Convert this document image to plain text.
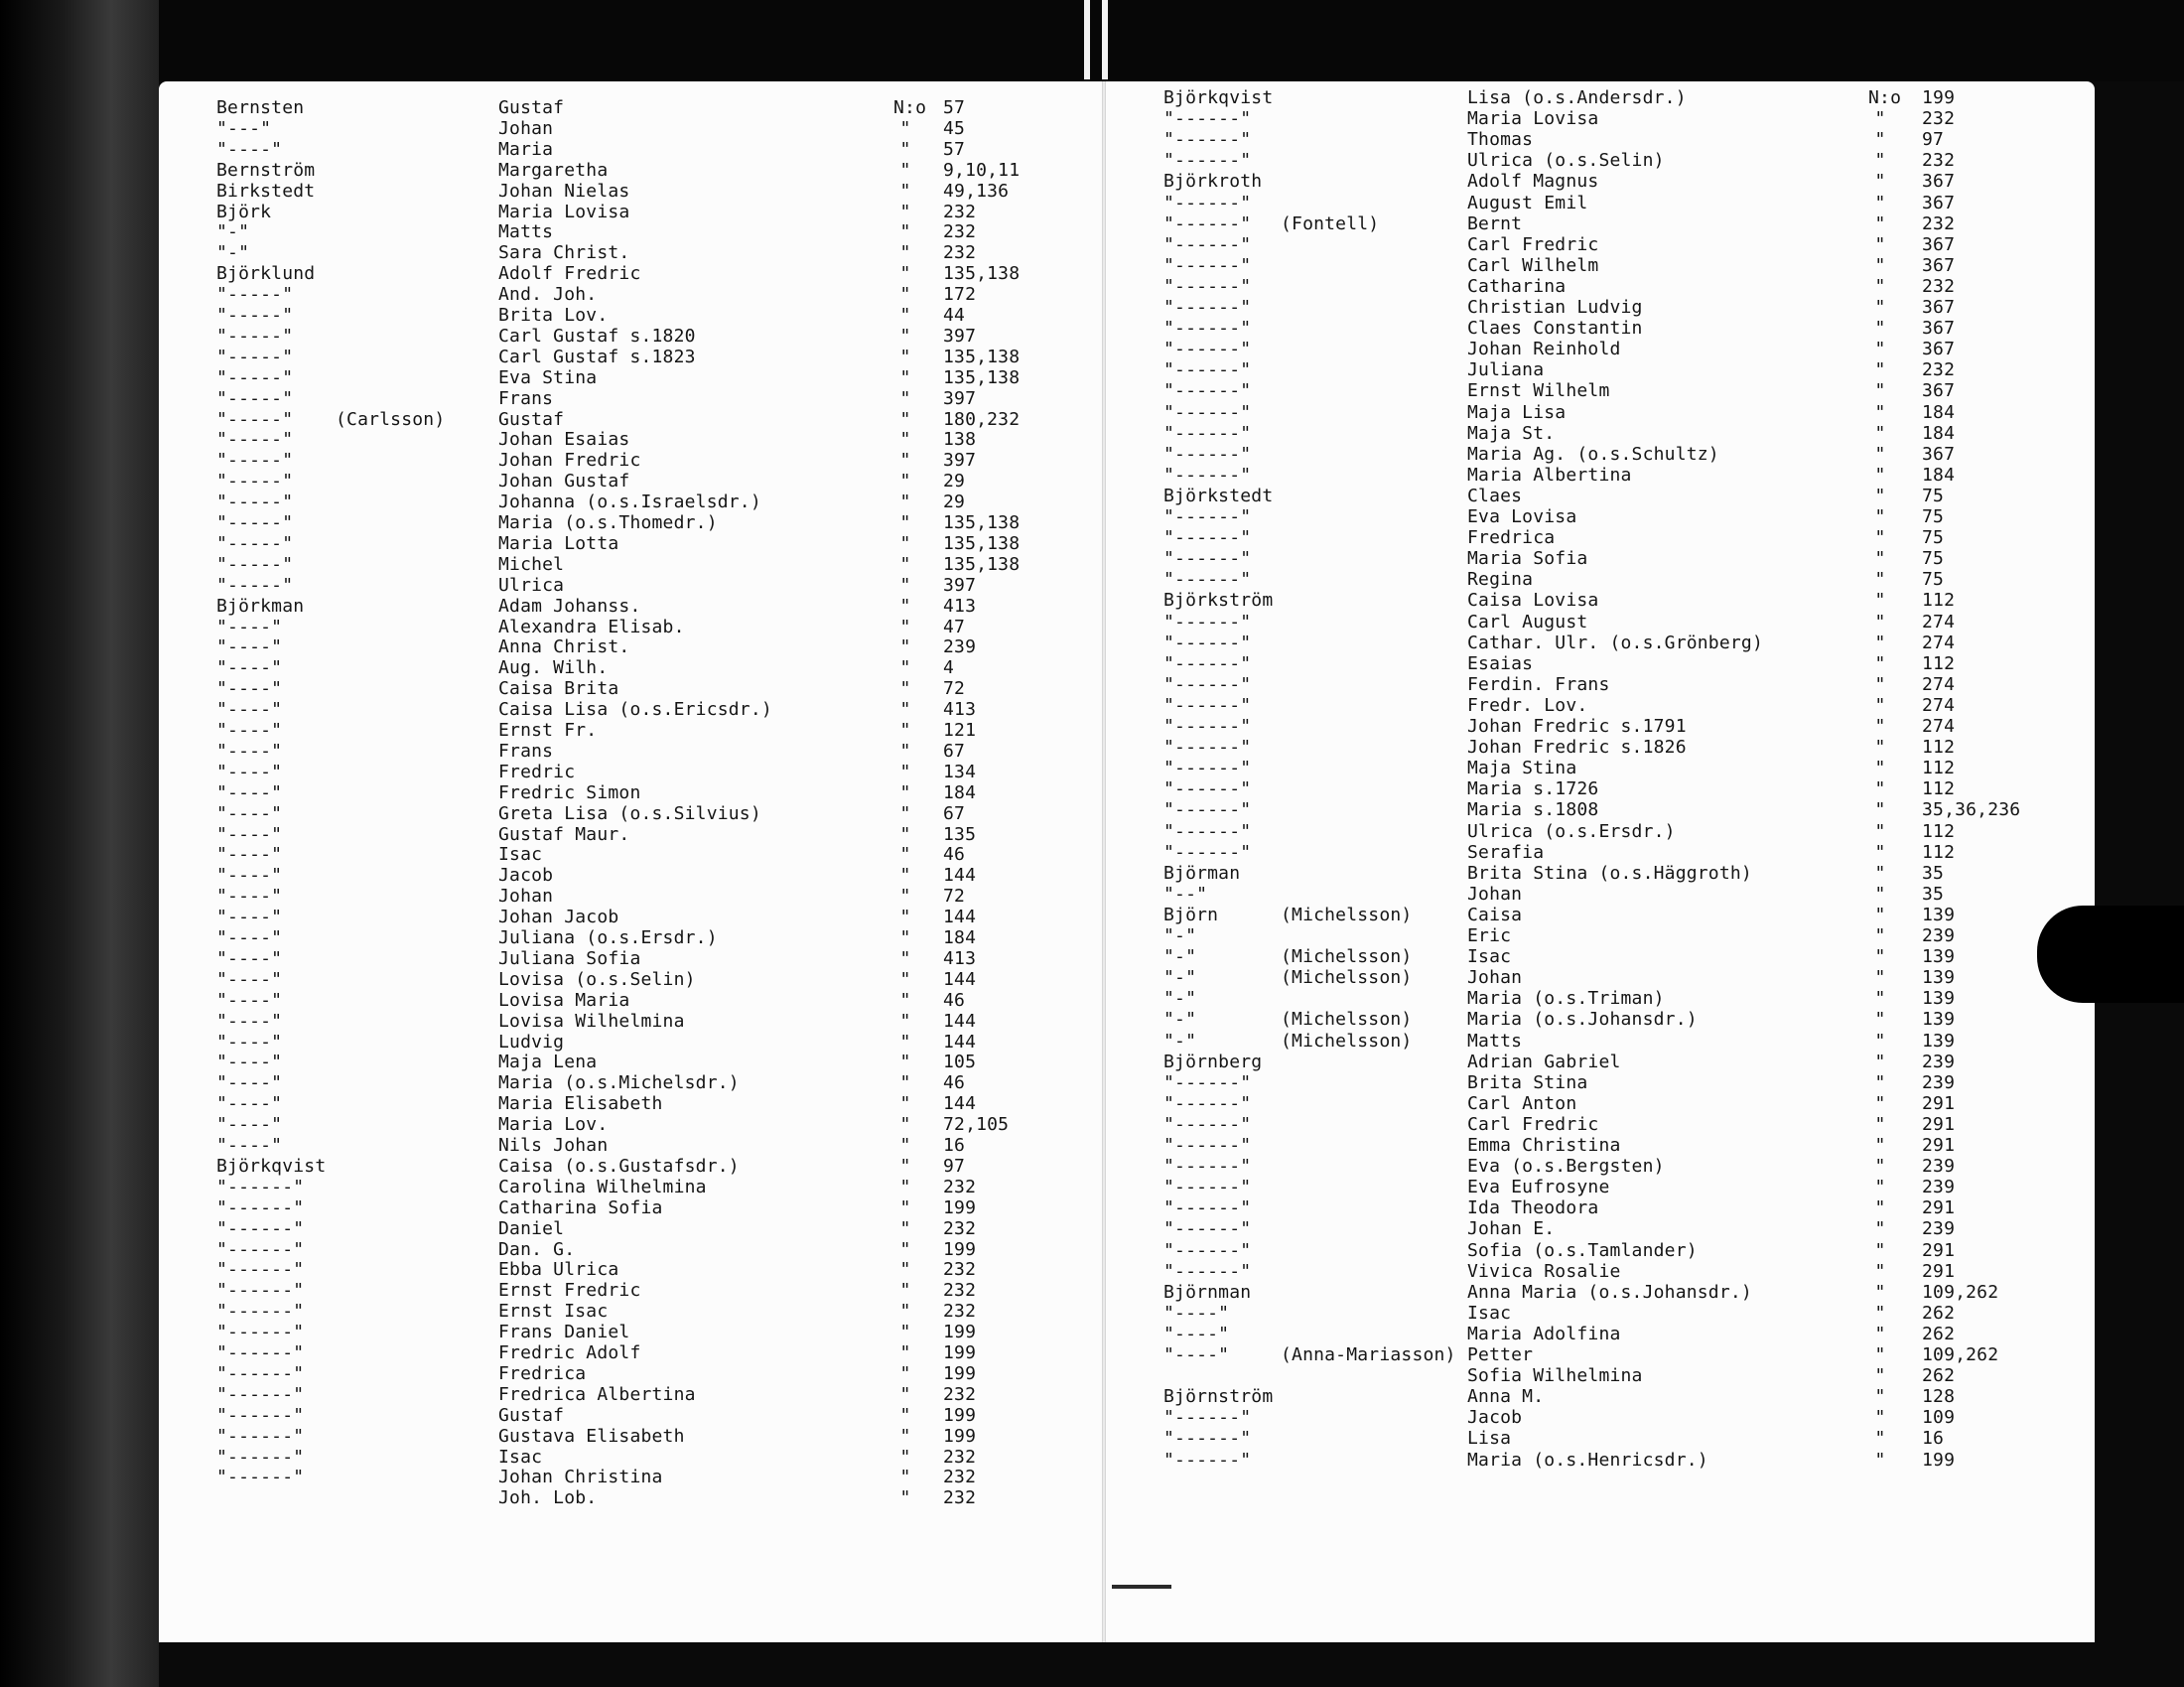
Bernsten	Gustaf	N:o 57
"---"	Johan	"	45
"----"	Maria	"	57
Bernström	Margaretha	"	9,10,11
Birkstedt	Johan Nielas	"	49,136
Björk	Maria Lovisa	"	232
"-"	Matts	"	232
"-"	Sara Christ.	"	232
Björklund	Adolf Fredric	"	135,138
"-----"	And. Joh.	"	172
"-----"	Brita Lov.	"	44
"-----"	Carl Gustaf s.1820	"	397
"-----"	Carl Gustaf s.1823	"	135,138
"-----"	Eva Stina	"	135,138
"-----"	Frans	"	397
"-----" (Carlsson)	Gustaf	"	180,232
"-----"	Johan Esaias	"	138
"-----"	Johan Fredric	"	397
"-----"	Johan Gustaf	"	29
"-----"	Johanna (o.s.Israelsdr.)	"	29
"-----"	Maria (o.s.Thomedr.)	"	135,138
"-----"	Maria Lotta	"	135,138
"-----"	Michel	"	135,138
"-----"	Ulrica	"	397
Björkman	Adam Johanss.	"	413
"----"	Alexandra Elisab.	"	47
"----"	Anna Christ.	"	239
"----"	Aug. Wilh.	"	4
"----"	Caisa Brita	"	72
"----"	Caisa Lisa (o.s.Ericsdr.)	"	413
"----"	Ernst Fr.	"	121
"----"	Frans	"	67
"----"	Fredric	"	134
"----"	Fredric Simon	"	184
"----"	Greta Lisa (o.s.Silvius)	"	67
"----"	Gustaf Maur.	"	135
"----"	Isac	"	46
"----"	Jacob	"	144
"----"	Johan	"	72
"----"	Johan Jacob	"	144
"----"	Juliana (o.s.Ersdr.)	"	184
"----"	Juliana Sofia	"	413
"----"	Lovisa (o.s.Selin)	"	144
"----"	Lovisa Maria	"	46
"----"	Lovisa Wilhelmina	"	144
"----"	Ludvig	"	144
"----"	Maja Lena	"	105
"----"	Maria (o.s.Michelsdr.)	"	46
"----"	Maria Elisabeth	"	144
"----"	Maria Lov.	"	72,105
"----"	Nils Johan	"	16
Björkqvist	Caisa (o.s.Gustafsdr.)	"	97
"------"	Carolina Wilhelmina	"	232
"------"	Catharina Sofia	"	199
"------"	Daniel	"	232
"------"	Dan. G.	"	199
"------"	Ebba Ulrica	"	232
"------"	Ernst Fredric	"	232
"------"	Ernst Isac	"	232
"------"	Frans Daniel	"	199
"------"	Fredric Adolf	"	199
"------"	Fredrica	"	199
"------"	Fredrica Albertina	"	232
"------"	Gustaf	"	199
"------"	Gustava Elisabeth	"	199
"------"	Isac	"	232
"------"	Johan Christina	"	232
Joh. Lob.	"	232
Björkqvist	Lisa (o.s.Andersdr.)	N:o 199
"------"	Maria Lovisa	"	232
"------"	Thomas	"	97
"------"	Ulrica (o.s.Selin)	"	232
Björkroth	Adolf Magnus	"	367
"------"	August Emil	"	367
"------" (Fontell)	Bernt	"	232
"------"	Carl Fredric	"	367
"------"	Carl Wilhelm	"	367
"------"	Catharina	"	232
"------"	Christian Ludvig	"	367
"------"	Claes Constantin	"	367
"------"	Johan Reinhold	"	367
"------"	Juliana	"	232
"------"	Ernst Wilhelm	"	367
"------"	Maja Lisa	"	184
"------"	Maja St.	"	184
"------"	Maria Ag. (o.s.Schultz)	"	367
"------"	Maria Albertina	"	184
Björkstedt	Claes	"	75
"------"	Eva Lovisa	"	75
"------"	Fredrica	"	75
"------"	Maria Sofia	"	75
"------"	Regina	"	75
Björkström	Caisa Lovisa	"	112
"------"	Carl August	"	274
"------"	Cathar. Ulr. (o.s.Grönberg)	"	274
"------"	Esaias	"	112
"------"	Ferdin. Frans	"	274
"------"	Fredr. Lov.	"	274
"------"	Johan Fredric s.1791	"	274
"------"	Johan Fredric s.1826	"	112
"------"	Maja Stina	"	112
"------"	Maria s.1726	"	112
"------"	Maria s.1808	"	35,36,236
"------"	Ulrica (o.s.Ersdr.)	"	112
"------"	Serafia	"	112
Björman	Brita Stina (o.s.Häggroth)	"	35
"--"	Johan	"	35
Björn	(Michelsson)	Caisa	"	139
"-"	Eric	"	239
"-"	(Michelsson)	Isac	"	139
"-"	(Michelsson)	Johan	"	139
"-"	Maria (o.s.Triman)	"	139
"-"	(Michelsson)	Maria (o.s.Johansdr.)	"	139
"-"	(Michelsson)	Matts	"	139
Björnberg	Adrian Gabriel	"	239
"------"	Brita Stina	"	239
"------"	Carl Anton	"	291
"------"	Carl Fredric	"	291
"------"	Emma Christina	"	291
"------"	Eva (o.s.Bergsten)	"	239
"------"	Eva Eufrosyne	"	239
"------"	Ida Theodora	"	291
"------"	Johan E.	"	239
"------"	Sofia (o.s.Tamlander)	"	291
"------"	Vivica Rosalie	"	291
Björnman	Anna Maria (o.s.Johansdr.)	"	109,262
"----"	Isac	"	262
"----"	Maria Adolfina	"	262
"----"	(Anna-Mariasson) Petter	"	109,262
Sofia Wilhelmina	"	262
Björnström	Anna M.	"	128
"------"	Jacob	"	109
"------"	Lisa	"	16
"------"	Maria (o.s.Henricsdr.)	"	199
